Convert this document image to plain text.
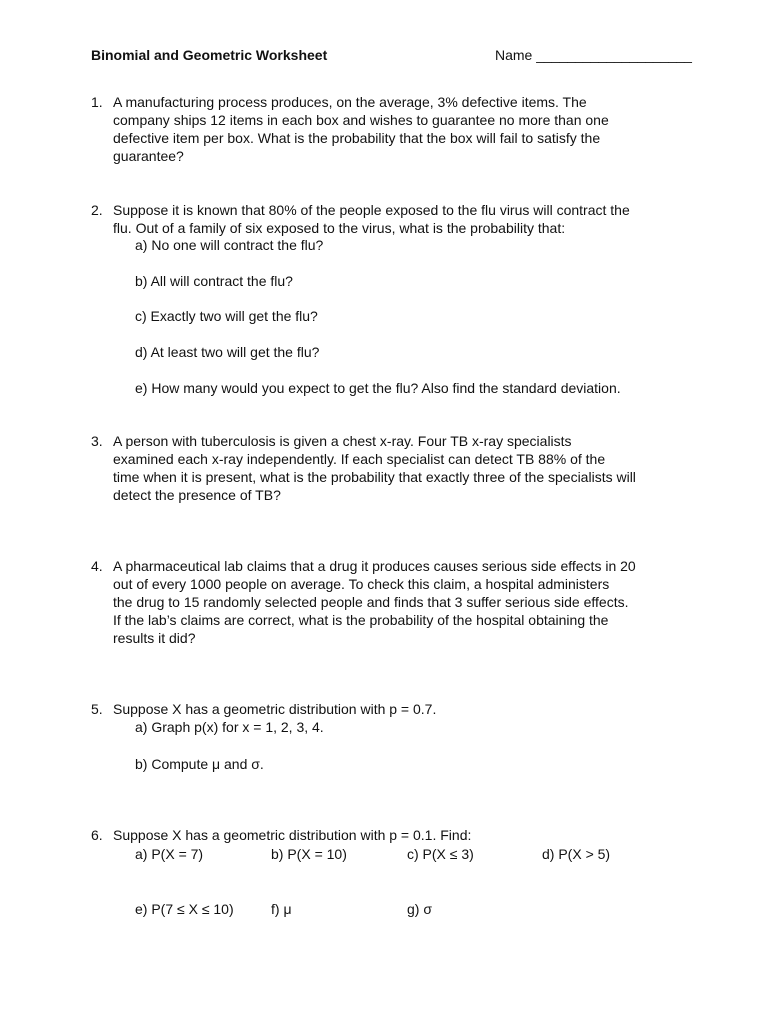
Binomial and Geometric Worksheet	Name ____________________
1. A manufacturing process produces, on the average, 3% defective items. The
company ships 12 items in each box and wishes to guarantee no more than one
defective item per box. What is the probability that the box will fail to satisfy the
guarantee?
2. Suppose it is known that 80% of the people exposed to the flu virus will contract the
flu. Out of a family of six exposed to the virus, what is the probability that:
a) No one will contract the flu?
b) All will contract the flu?
c) Exactly two will get the flu?
d) At least two will get the flu?
e) How many would you expect to get the flu? Also find the standard deviation.
3. A person with tuberculosis is given a chest x-ray. Four TB x-ray specialists
examined each x-ray independently. If each specialist can detect TB 88% of the
time when it is present, what is the probability that exactly three of the specialists will
detect the presence of TB?
4. A pharmaceutical lab claims that a drug it produces causes serious side effects in 20
out of every 1000 people on average. To check this claim, a hospital administers
the drug to 15 randomly selected people and finds that 3 suffer serious side effects.
If the lab’s claims are correct, what is the probability of the hospital obtaining the
results it did?
5. Suppose X has a geometric distribution with p = 0.7.
a) Graph p(x) for x = 1, 2, 3, 4.
b) Compute μ and σ.
6. Suppose X has a geometric distribution with p = 0.1. Find:
a) P(X = 7)	b) P(X = 10)	c) P(X ≤ 3)	d) P(X > 5)
e) P(7 ≤ X ≤ 10)	f) μ	g) σ
